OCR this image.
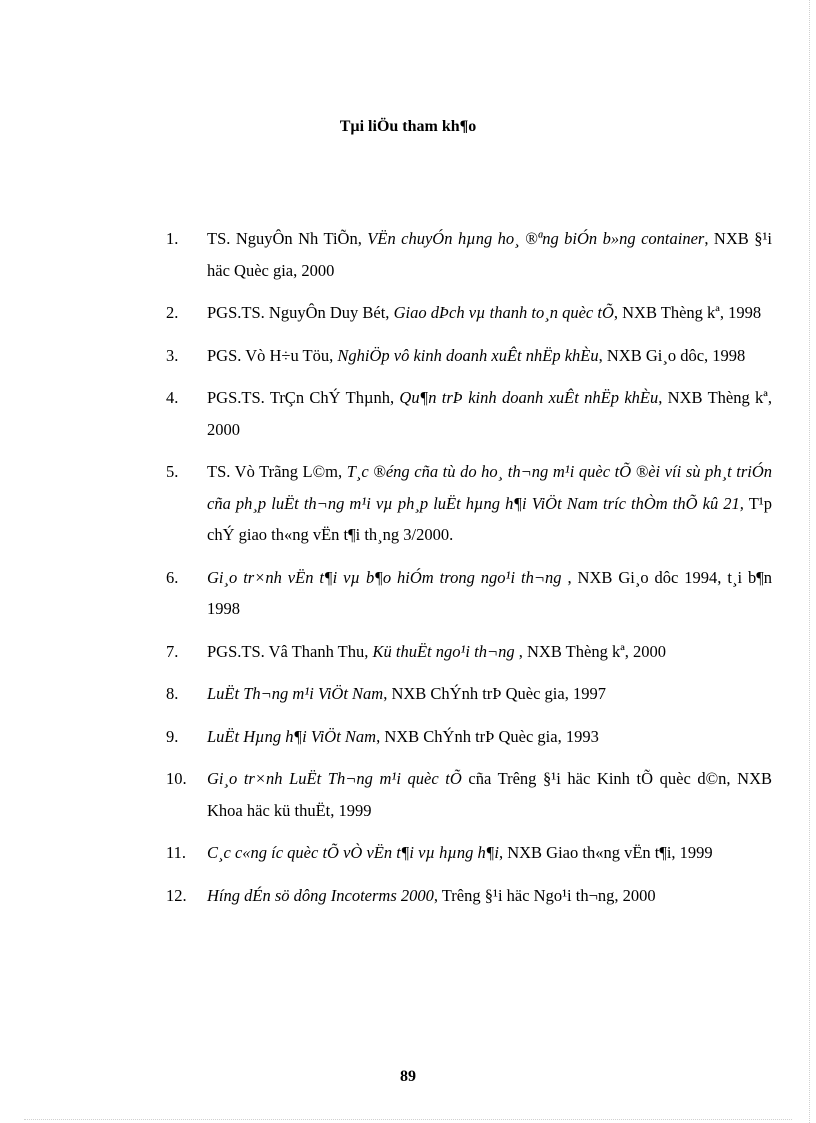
Tµi liÖu tham kh¶o
1.	TS. NguyÔn Nh TiÕn, VËn chuyÓn hµng ho¸ ®ªng biÓn b»ng container, NXB §¹i häc Quèc gia, 2000
2.	PGS.TS. NguyÔn Duy Bét, Giao dÞch vµ thanh to¸n quèc tÕ, NXB Thèng kª, 1998
3.	PGS. Vò H÷u Töu, NghiÖp vô kinh doanh xuÊt nhËp khÈu, NXB Gi¸o dôc, 1998
4.	PGS.TS. TrÇn ChÝ Thµnh, Qu¶n trÞ kinh doanh xuÊt nhËp khÈu, NXB Thèng kª, 2000
5.	TS. Vò Trãng L©m, T¸c ®éng cña tù do ho¸ th¬ng m¹i quèc tÕ ®èi víi sù ph¸t triÓn cña ph¸p luËt th¬ng m¹i vµ ph¸p luËt hµng h¶i ViÖt Nam tríc thÒm thÕ kû 21, T¹p chÝ giao th«ng vËn t¶i th¸ng 3/2000.
6.	Gi¸o tr×nh vËn t¶i vµ b¶o hiÓm trong ngo¹i th¬ng , NXB Gi¸o dôc 1994, t¸i b¶n 1998
7.	PGS.TS. Vâ Thanh Thu, Kü thuËt ngo¹i th¬ng , NXB Thèng kª, 2000
8.	LuËt Th¬ng m¹i ViÖt Nam, NXB ChÝnh trÞ Quèc gia, 1997
9.	LuËt Hµng h¶i ViÖt Nam, NXB ChÝnh trÞ Quèc gia, 1993
10.	Gi¸o tr×nh LuËt Th¬ng m¹i quèc tÕ cña Trêng §¹i häc Kinh tÕ quèc d©n, NXB Khoa häc kü thuËt, 1999
11.	C¸c c«ng íc quèc tÕ vÒ vËn t¶i vµ hµng h¶i, NXB Giao th«ng vËn t¶i, 1999
12.	Híng dÉn sö dông Incoterms 2000, Trêng §¹i häc Ngo¹i th¬ng, 2000
89
